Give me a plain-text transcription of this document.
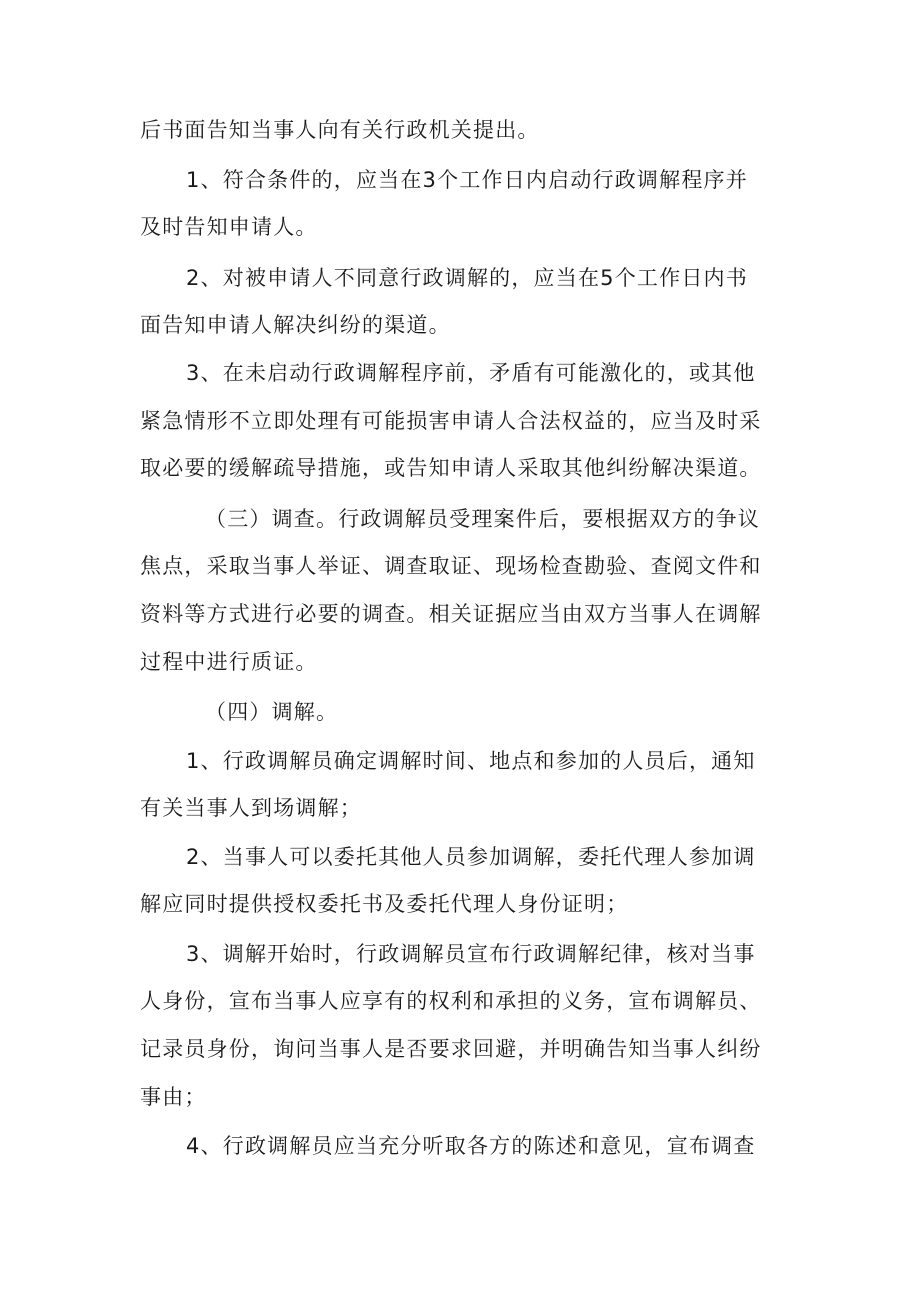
后书面告知当事人向有关行政机关提出。
1、符合条件的，应当在3个工作日内启动行政调解程序并
及时告知申请人。
2、对被申请人不同意行政调解的，应当在5个工作日内书
面告知申请人解决纠纷的渠道。
3、在未启动行政调解程序前，矛盾有可能激化的，或其他
紧急情形不立即处理有可能损害申请人合法权益的，应当及时采
取必要的缓解疏导措施，或告知申请人采取其他纠纷解决渠道。
（三）调查。行政调解员受理案件后，要根据双方的争议
焦点，采取当事人举证、调查取证、现场检查勘验、查阅文件和
资料等方式进行必要的调查。相关证据应当由双方当事人在调解
过程中进行质证。
（四）调解。
1、行政调解员确定调解时间、地点和参加的人员后，通知
有关当事人到场调解；
2、当事人可以委托其他人员参加调解，委托代理人参加调
解应同时提供授权委托书及委托代理人身份证明；
3、调解开始时，行政调解员宣布行政调解纪律，核对当事
人身份，宣布当事人应享有的权利和承担的义务，宣布调解员、
记录员身份，询问当事人是否要求回避，并明确告知当事人纠纷
事由；
4、行政调解员应当充分听取各方的陈述和意见，宣布调查
